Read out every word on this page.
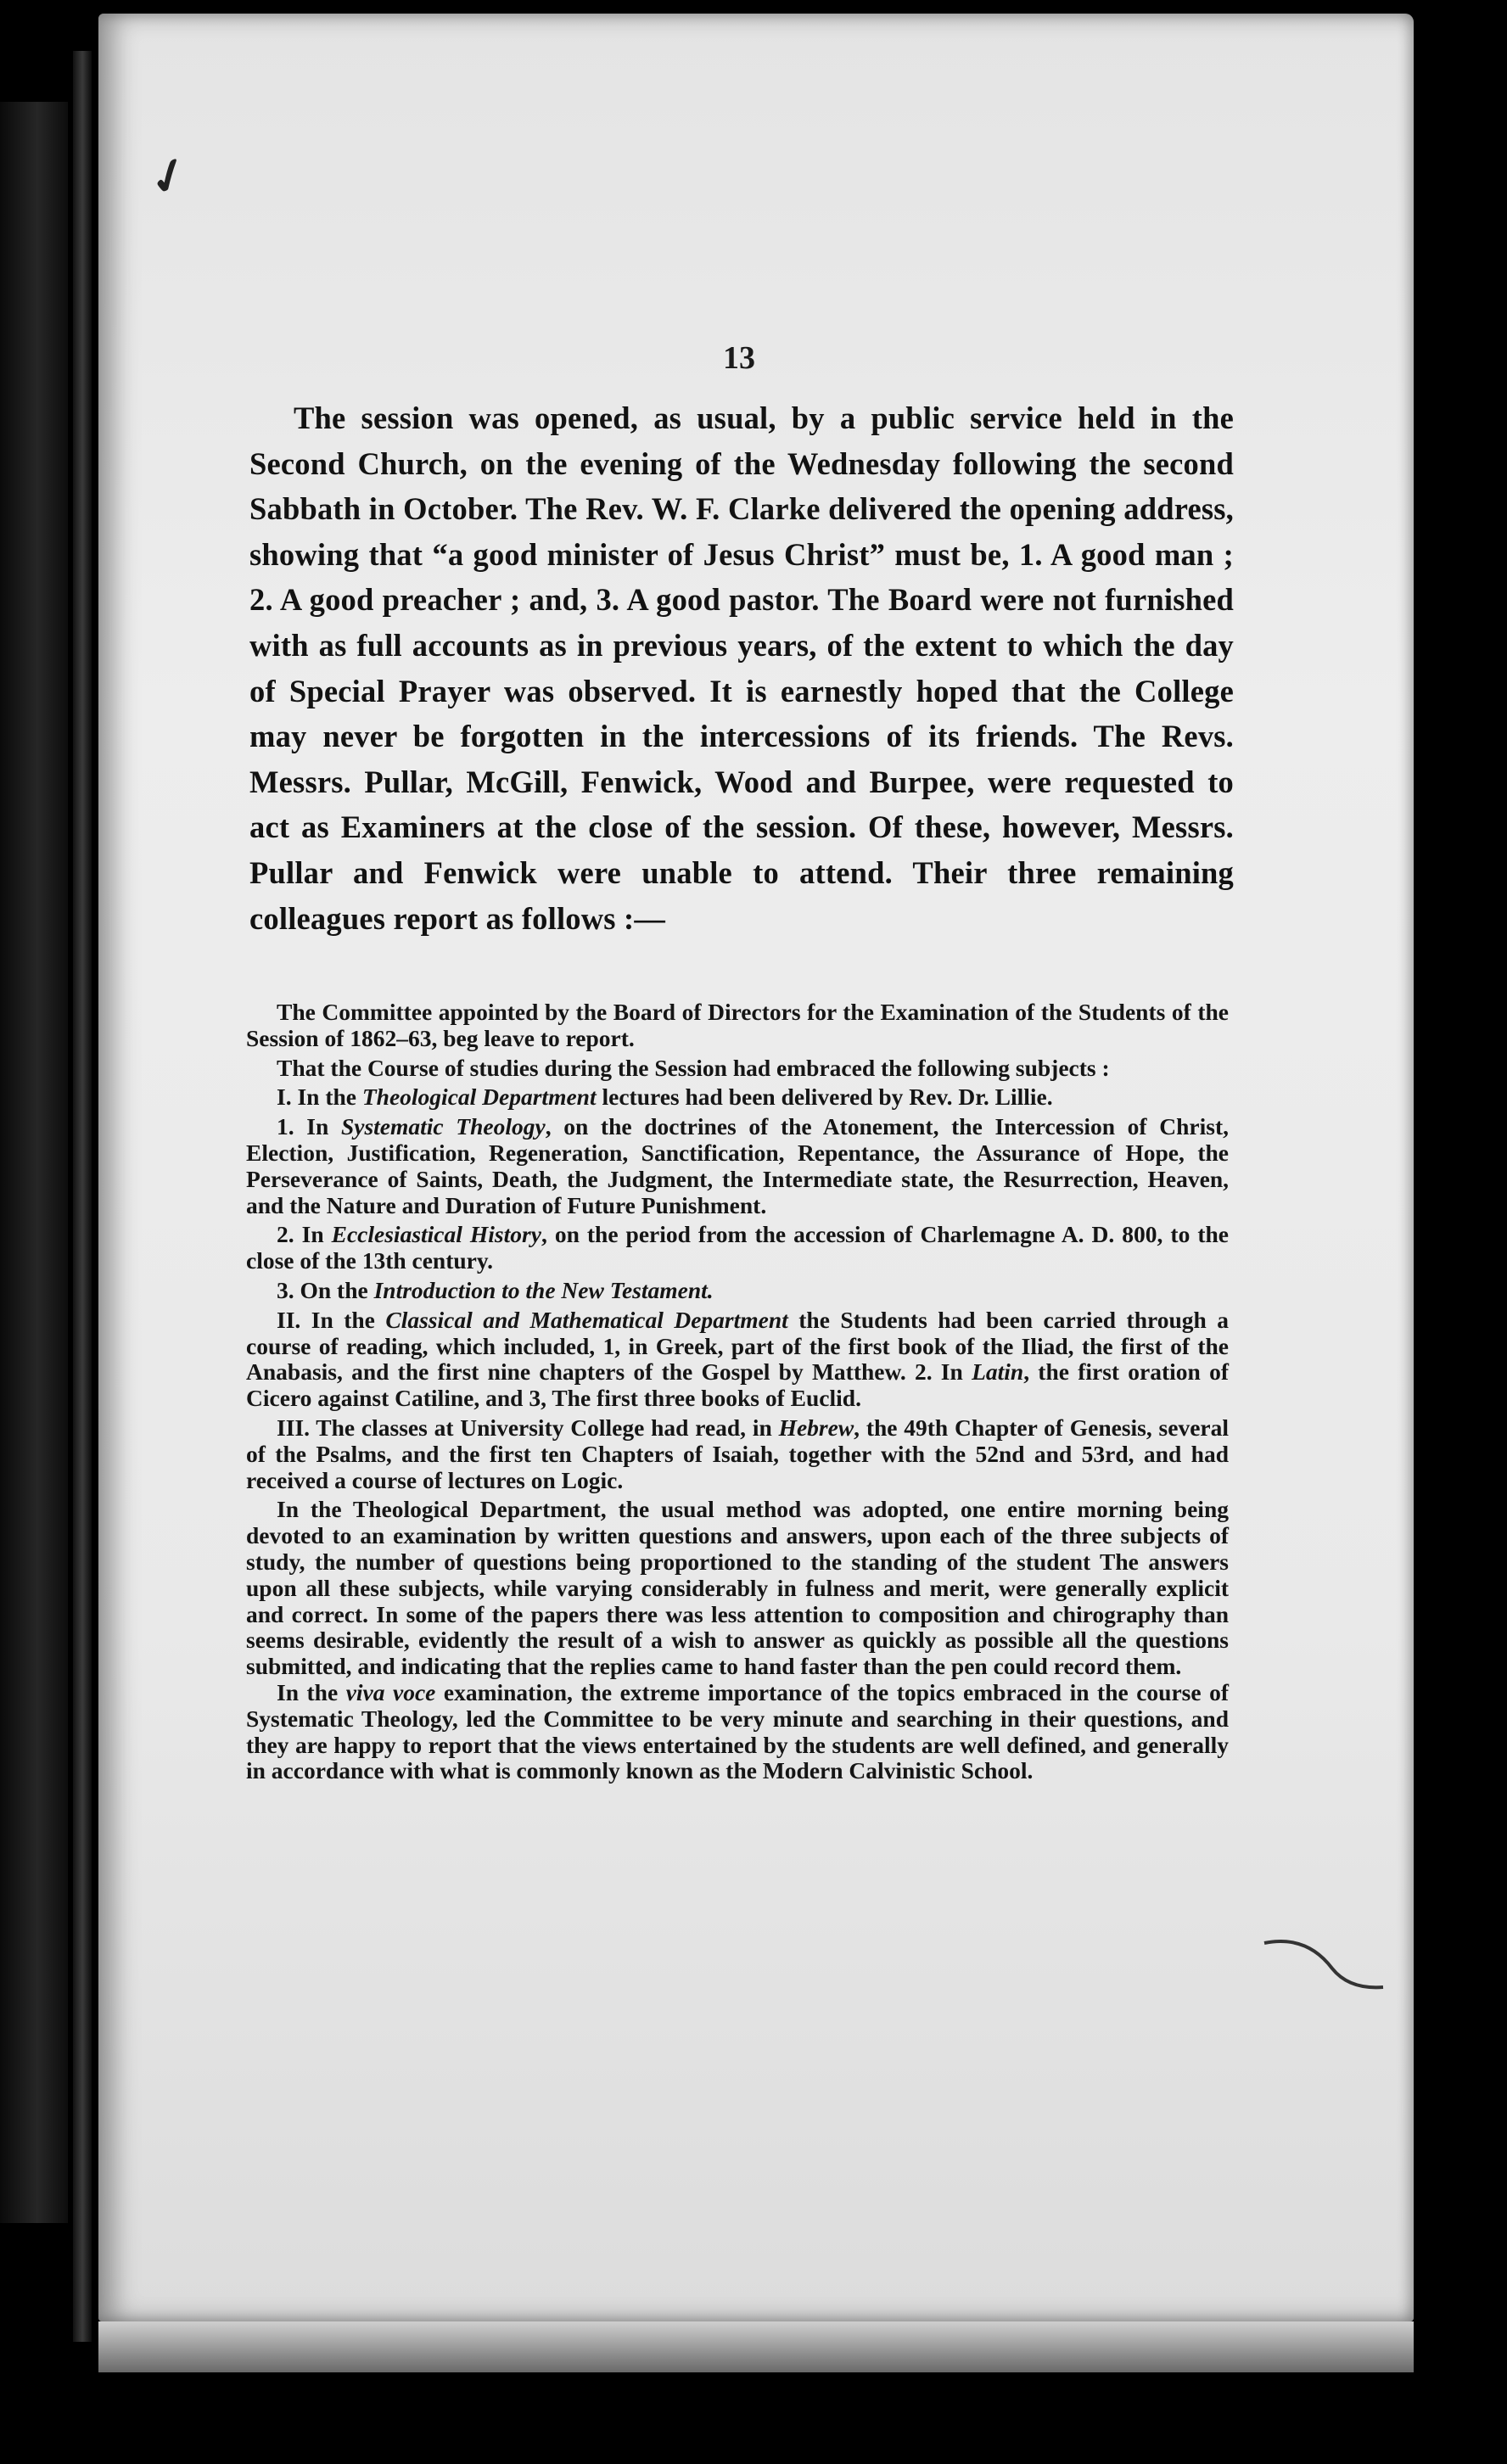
✓
13
The session was opened, as usual, by a public service held in the Second Church, on the evening of the Wednesday following the second Sabbath in October. The Rev. W. F. Clarke delivered the opening address, showing that “a good minister of Jesus Christ” must be, 1. A good man ; 2. A good preacher ; and, 3. A good pastor. The Board were not furnished with as full accounts as in previous years, of the extent to which the day of Special Prayer was observed. It is earnestly hoped that the College may never be forgotten in the intercessions of its friends. The Revs. Messrs. Pullar, McGill, Fenwick, Wood and Burpee, were requested to act as Examiners at the close of the session. Of these, however, Messrs. Pullar and Fenwick were unable to attend. Their three remaining colleagues report as follows :—

The Committee appointed by the Board of Directors for the Examination of the Students of the Session of 1862–63, beg leave to report.

That the Course of studies during the Session had embraced the following subjects :

I. In the Theological Department lectures had been delivered by Rev. Dr. Lillie.

1. In Systematic Theology, on the doctrines of the Atonement, the Intercession of Christ, Election, Justification, Regeneration, Sanctification, Repentance, the Assurance of Hope, the Perseverance of Saints, Death, the Judgment, the Intermediate state, the Resurrection, Heaven, and the Nature and Duration of Future Punishment.

2. In Ecclesiastical History, on the period from the accession of Charlemagne A. D. 800, to the close of the 13th century.

3. On the Introduction to the New Testament.

II. In the Classical and Mathematical Department the Students had been carried through a course of reading, which included, 1, in Greek, part of the first book of the Iliad, the first of the Anabasis, and the first nine chapters of the Gospel by Matthew. 2. In Latin, the first oration of Cicero against Catiline, and 3, The first three books of Euclid.

III. The classes at University College had read, in Hebrew, the 49th Chapter of Genesis, several of the Psalms, and the first ten Chapters of Isaiah, together with the 52nd and 53rd, and had received a course of lectures on Logic.

In the Theological Department, the usual method was adopted, one entire morning being devoted to an examination by written questions and answers, upon each of the three subjects of study, the number of questions being proportioned to the standing of the student The answers upon all these subjects, while varying considerably in fulness and merit, were generally explicit and correct. In some of the papers there was less attention to composition and chirography than seems desirable, evidently the result of a wish to answer as quickly as possible all the questions submitted, and indicating that the replies came to hand faster than the pen could record them.

In the viva voce examination, the extreme importance of the topics embraced in the course of Systematic Theology, led the Committee to be very minute and searching in their questions, and they are happy to report that the views entertained by the students are well defined, and generally in accordance with what is commonly known as the Modern Calvinistic School.
